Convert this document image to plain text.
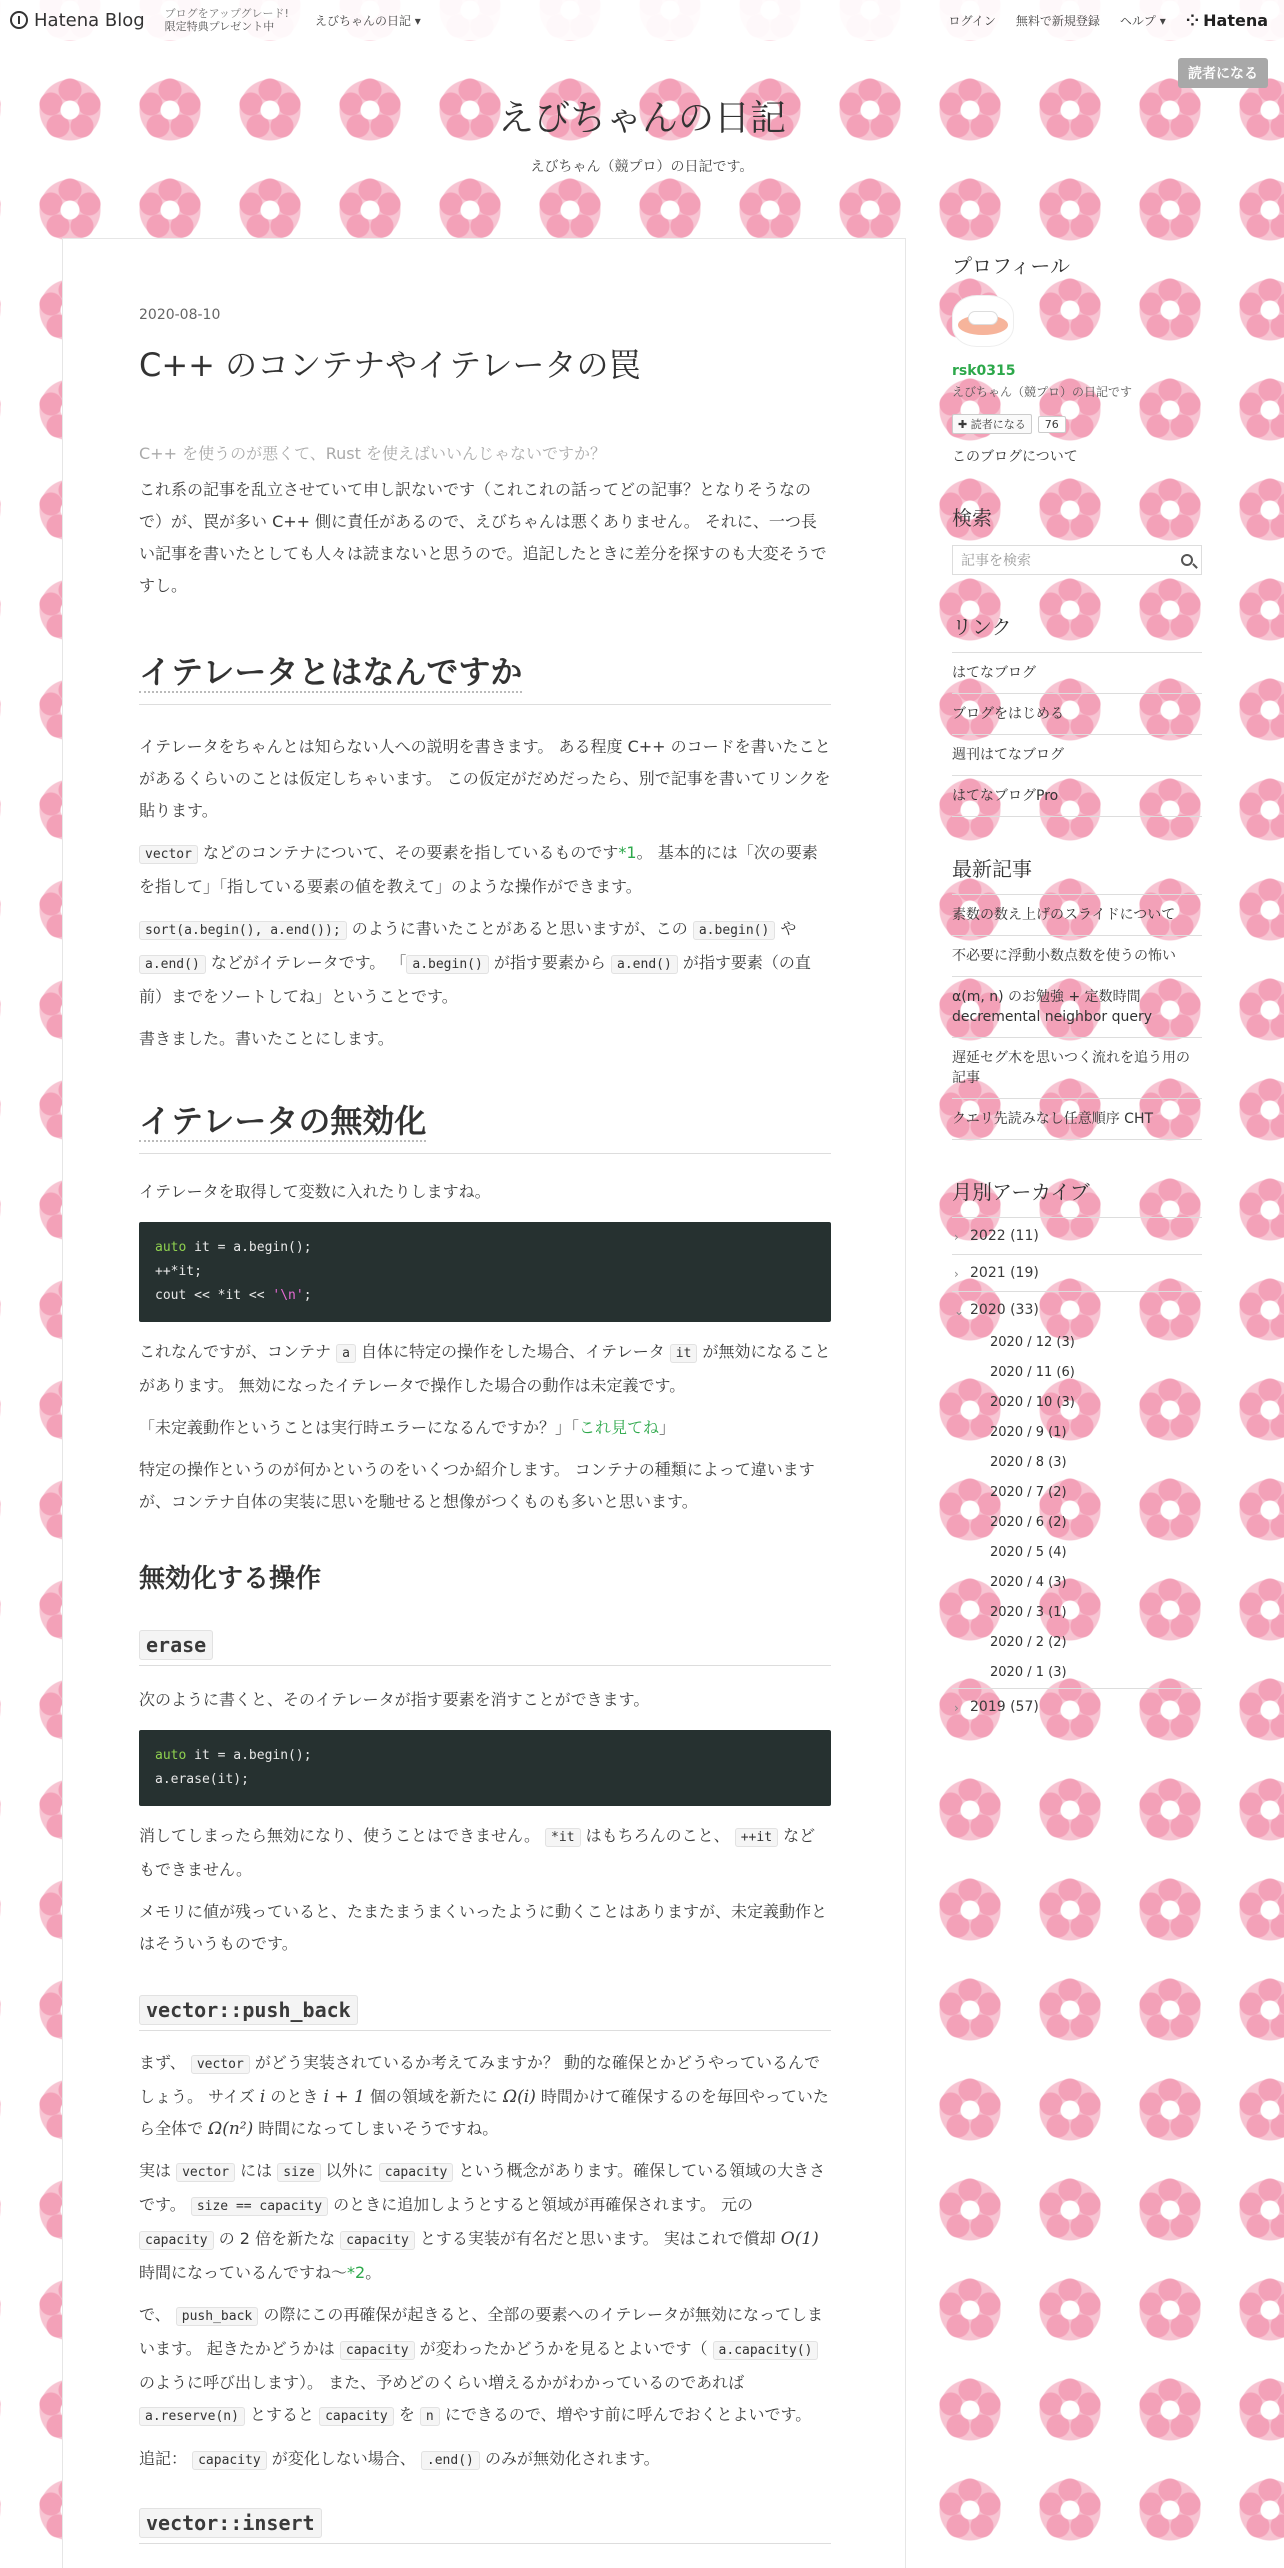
Hatena Blog ブログをアップグレード!
限定特典プレゼント中	えびちゃんの日記 ▾	ログイン 無料で新規登録 ヘルプ ▾ ⁘ Hatena
読者になる
えびちゃんの日記
えびちゃん（競プロ）の日記です。
2020-08-10
C++ のコンテナやイテレータの罠
C++ を使うのが悪くて、Rust を使えばいいんじゃないですか？

これ系の記事を乱立させていて申し訳ないです（これこれの話ってどの記事？となりそうなので）が、罠が多い C++ 側に責任があるので、えびちゃんは悪くありません。 それに、一つ長い記事を書いたとしても人々は読まないと思うので。追記したときに差分を探すのも大変そうですし。

イテレータとはなんですか

イテレータをちゃんとは知らない人への説明を書きます。 ある程度 C++ のコードを書いたことがあるくらいのことは仮定しちゃいます。 この仮定がだめだったら、別で記事を書いてリンクを貼ります。

vector などのコンテナについて、その要素を指しているものです*1。 基本的には「次の要素を指して」「指している要素の値を教えて」のような操作ができます。

sort(a.begin(), a.end()); のように書いたことがあると思いますが、この a.begin() や a.end() などがイテレータです。 「 a.begin() が指す要素から a.end() が指す要素（の直前）までをソートしてね」ということです。

書きました。書いたことにします。

イテレータの無効化

イテレータを取得して変数に入れたりしますね。

auto it = a.begin();
++*it;
cout << *it << '\n';

これなんですが、コンテナ a 自体に特定の操作をした場合、イテレータ it が無効になることがあります。 無効になったイテレータで操作した場合の動作は未定義です。

「未定義動作ということは実行時エラーになるんですか？」「これ見てね」

特定の操作というのが何かというのをいくつか紹介します。 コンテナの種類によって違いますが、コンテナ自体の実装に思いを馳せると想像がつくものも多いと思います。

無効化する操作
erase

次のように書くと、そのイテレータが指す要素を消すことができます。

auto it = a.begin();
a.erase(it);

消してしまったら無効になり、使うことはできません。 *it はもちろんのこと、 ++it などもできません。

メモリに値が残っていると、たまたまうまくいったように動くことはありますが、未定義動作とはそういうものです。

vector::push_back

まず、 vector がどう実装されているか考えてみますか？ 動的な確保とかどうやっているんでしょう。 サイズ i のとき i + 1 個の領域を新たに Ω(i) 時間かけて確保するのを毎回やっていたら全体で Ω(n²) 時間になってしまいそうですね。

実は vector には size 以外に capacity という概念があります。確保している領域の大きさです。 size == capacity のときに追加しようとすると領域が再確保されます。 元の capacity の 2 倍を新たな capacity とする実装が有名だと思います。 実はこれで償却 O(1) 時間になっているんですね〜*2。

で、 push_back の際にこの再確保が起きると、全部の要素へのイテレータが無効になってしまいます。 起きたかどうかは capacity が変わったかどうかを見るとよいです（ a.capacity() のように呼び出します）。 また、予めどのくらい増えるかがわかっているのであれば a.reserve(n) とすると capacity を n にできるので、増やす前に呼んでおくとよいです。

追記： capacity が変化しない場合、 .end() のみが無効化されます。

vector::insert
プロフィール
rsk0315
えびちゃん（競プロ）の日記です
✚ 読者になる	76
このブログについて
検索
記事を検索
リンク
はてなブログ
ブログをはじめる
週刊はてなブログ
はてなブログPro
最新記事
素数の数え上げのスライドについて
不必要に浮動小数点数を使うの怖い
α(m, n) のお勉強 + 定数時間 decremental neighbor query
遅延セグ木を思いつく流れを追う用の記事
クエリ先読みなし任意順序 CHT
月別アーカイブ
› 2022 (11)
› 2021 (19)
⌄ 2020 (33)
2020 / 12 (3)
2020 / 11 (6)
2020 / 10 (3)
2020 / 9 (1)
2020 / 8 (3)
2020 / 7 (2)
2020 / 6 (2)
2020 / 5 (4)
2020 / 4 (3)
2020 / 3 (1)
2020 / 2 (2)
2020 / 1 (3)
› 2019 (57)
